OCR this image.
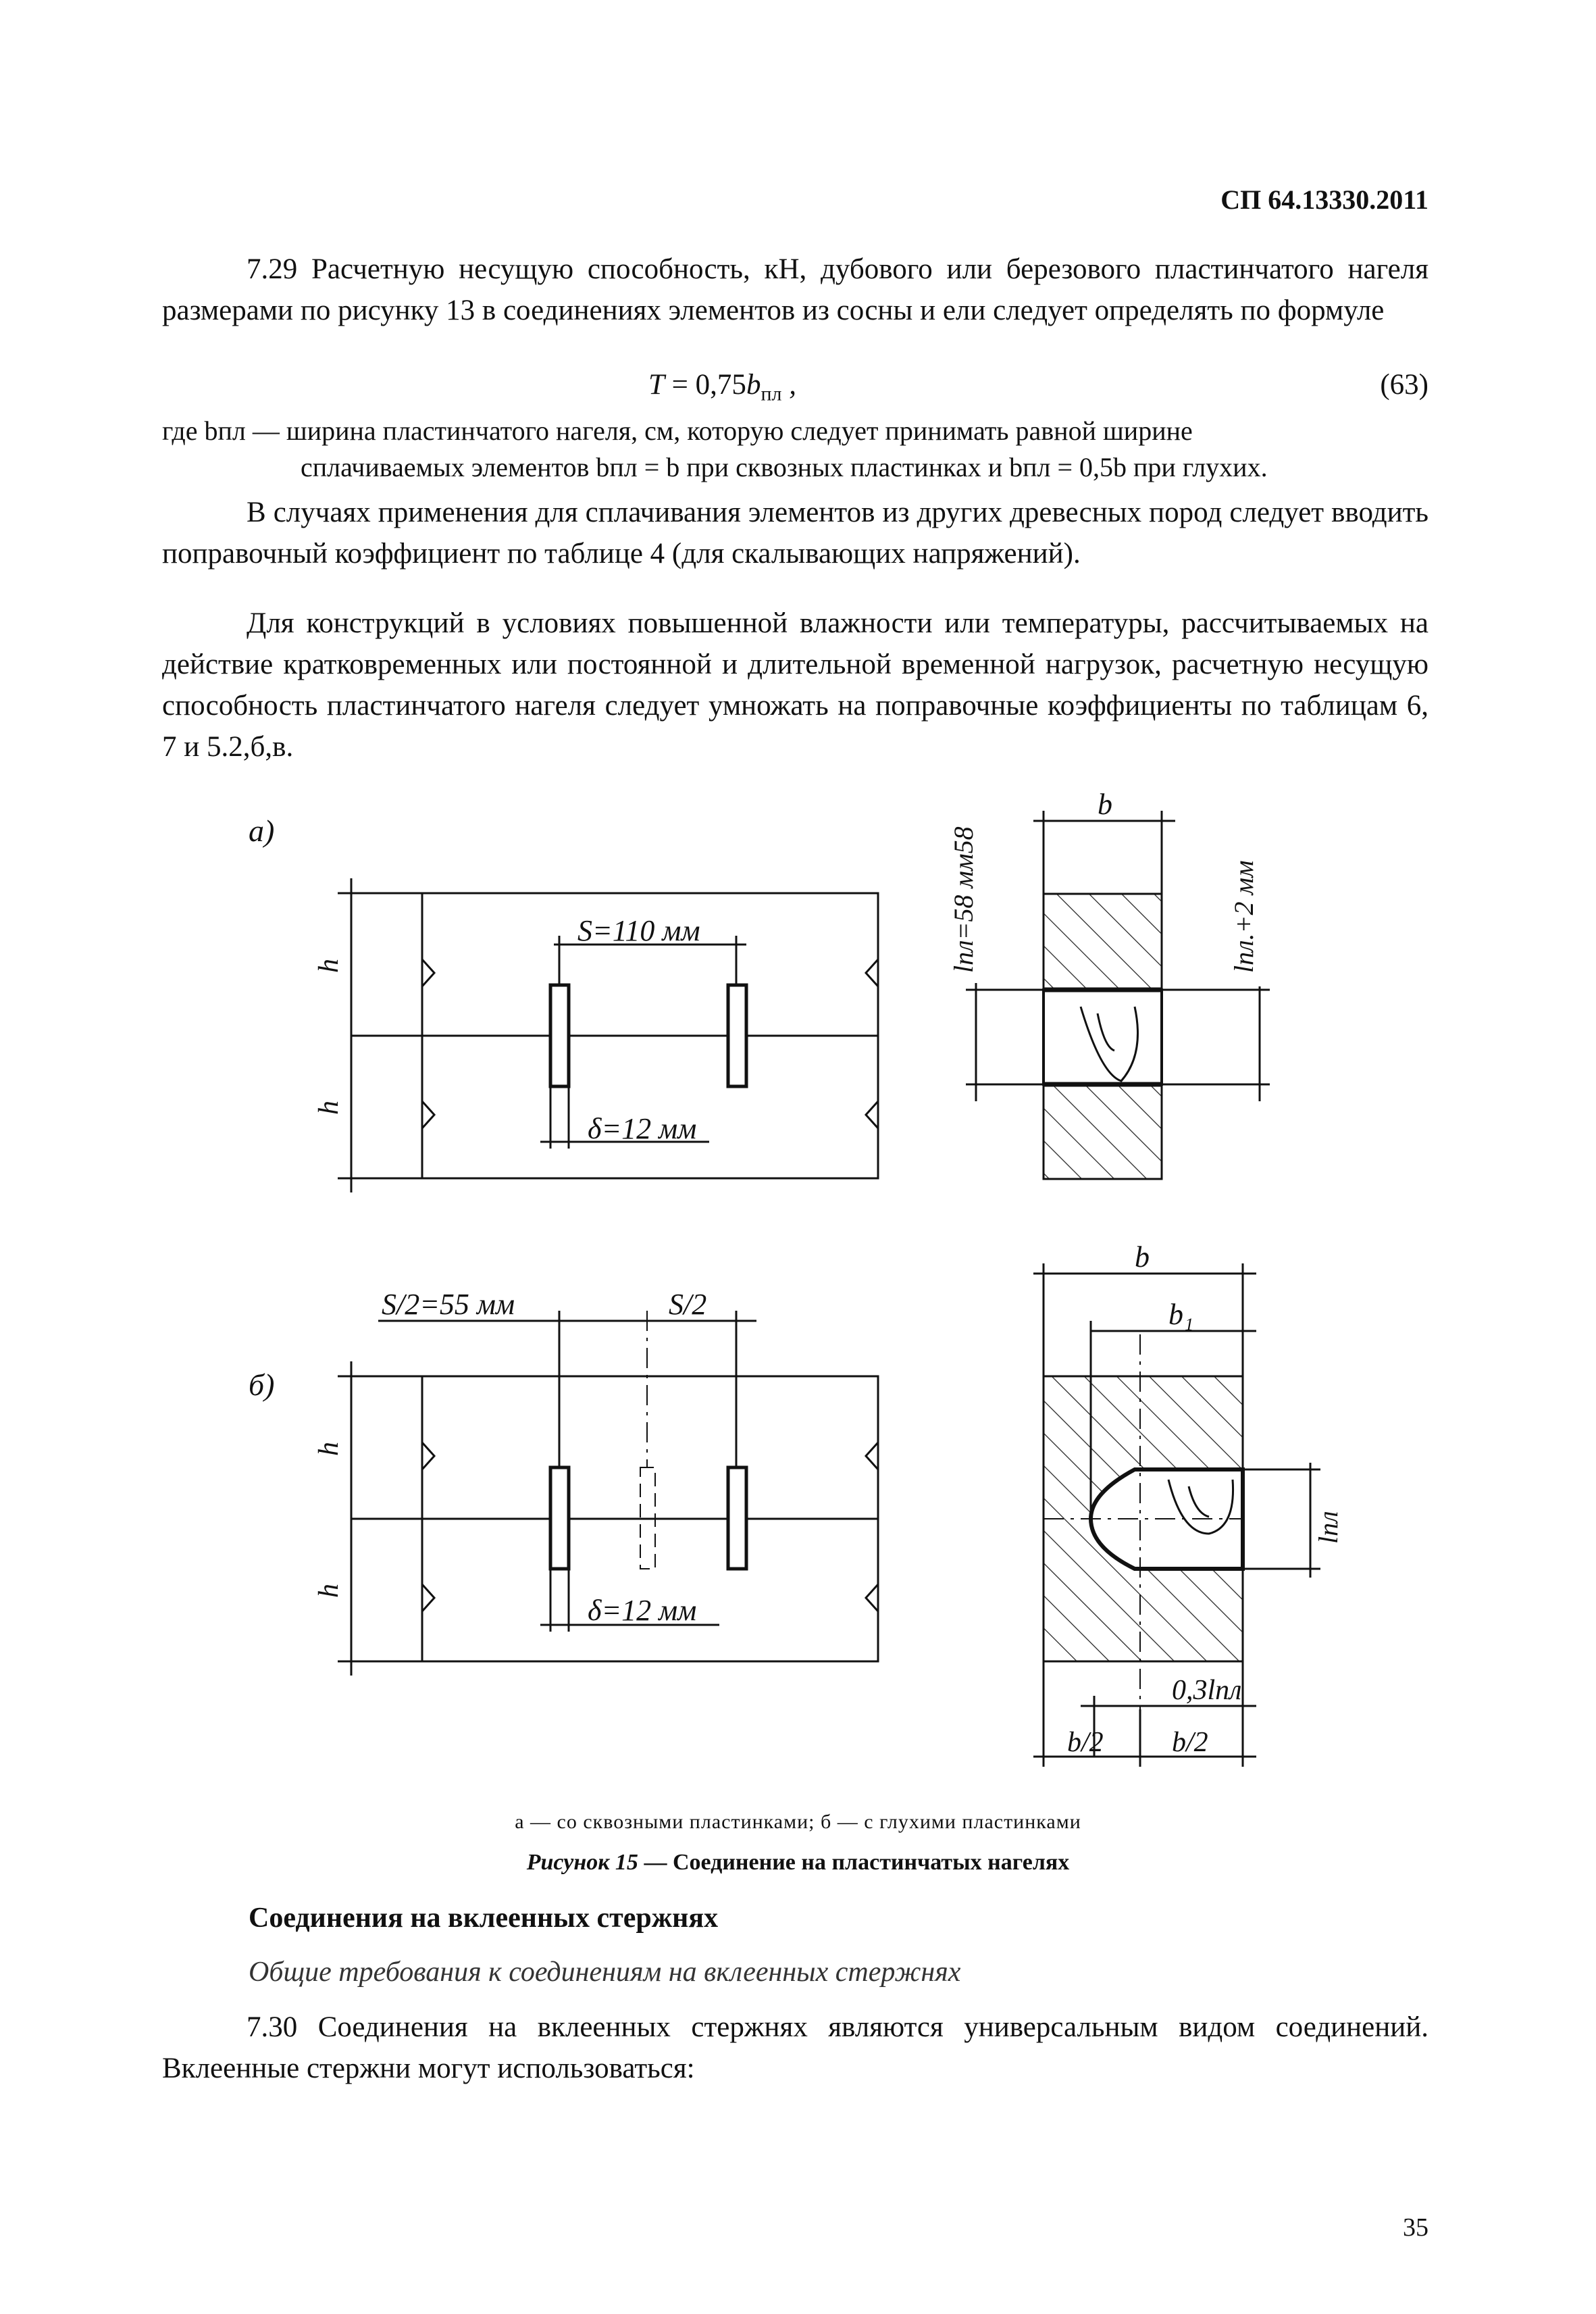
СП 64.13330.2011
7.29 Расчетную несущую способность, кН, дубового или березового пластинчатого нагеля размерами по рисунку 13 в соединениях элементов из сосны и ели следует определять по формуле
$T = 0,75b_{пл}$ ,	(63)
где bпл — ширина пластинчатого нагеля, см, которую следует принимать равной ширине
сплачиваемых элементов bпл = b при сквозных пластинках и bпл = 0,5b при глухих.
В случаях применения для сплачивания элементов из других древесных пород следует вводить поправочный коэффициент по таблице 4 (для скалывающих напряжений).
Для конструкций в условиях повышенной влажности или температуры, рассчитываемых на действие кратковременных или постоянной и длительной временной нагрузок, расчетную несущую способность пластинчатого нагеля следует умножать на поправочные коэффициенты по таблицам 6, 7 и 5.2,б,в.
а)
h
h
S=110 мм
δ=12 мм
b
lпл=58 мм58	lпл.+2 мм
б)
h
h
S/2=55 мм	S/2
δ=12 мм
b
b₁
lпл
0,3lпл
b/2 b/2
а — со сквозными пластинками; б — с глухими пластинками
Рисунок 15 — Соединение на пластинчатых нагелях
Соединения на вклеенных стержнях
Общие требования к соединениям на вклеенных стержнях
7.30 Соединения на вклеенных стержнях являются универсальным видом соединений. Вклеенные стержни могут использоваться:
35
